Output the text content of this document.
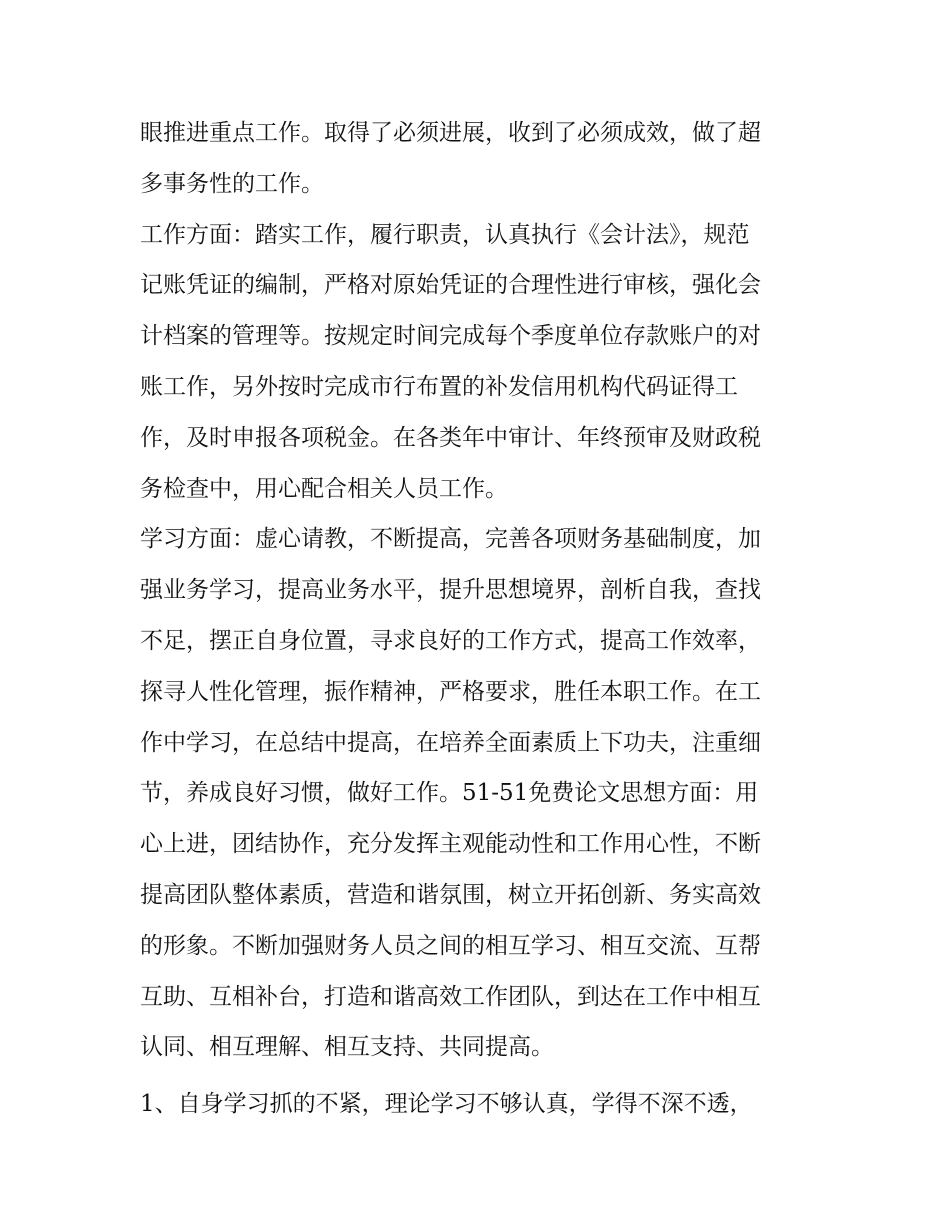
眼推进重点工作。取得了必须进展，收到了必须成效，做了超
多事务性的工作。
工作方面：踏实工作，履行职责，认真执行《会计法》，规范
记账凭证的编制，严格对原始凭证的合理性进行审核，强化会
计档案的管理等。按规定时间完成每个季度单位存款账户的对
账工作，另外按时完成市行布置的补发信用机构代码证得工
作，及时申报各项税金。在各类年中审计、年终预审及财政税
务检查中，用心配合相关人员工作。
学习方面：虚心请教，不断提高，完善各项财务基础制度，加
强业务学习，提高业务水平，提升思想境界，剖析自我，查找
不足，摆正自身位置，寻求良好的工作方式，提高工作效率，
探寻人性化管理，振作精神，严格要求，胜任本职工作。在工
作中学习，在总结中提高，在培养全面素质上下功夫，注重细
节，养成良好习惯，做好工作。51-51免费论文思想方面：用
心上进，团结协作，充分发挥主观能动性和工作用心性，不断
提高团队整体素质，营造和谐氛围，树立开拓创新、务实高效
的形象。不断加强财务人员之间的相互学习、相互交流、互帮
互助、互相补台，打造和谐高效工作团队，到达在工作中相互
认同、相互理解、相互支持、共同提高。
1、自身学习抓的不紧，理论学习不够认真，学得不深不透，
